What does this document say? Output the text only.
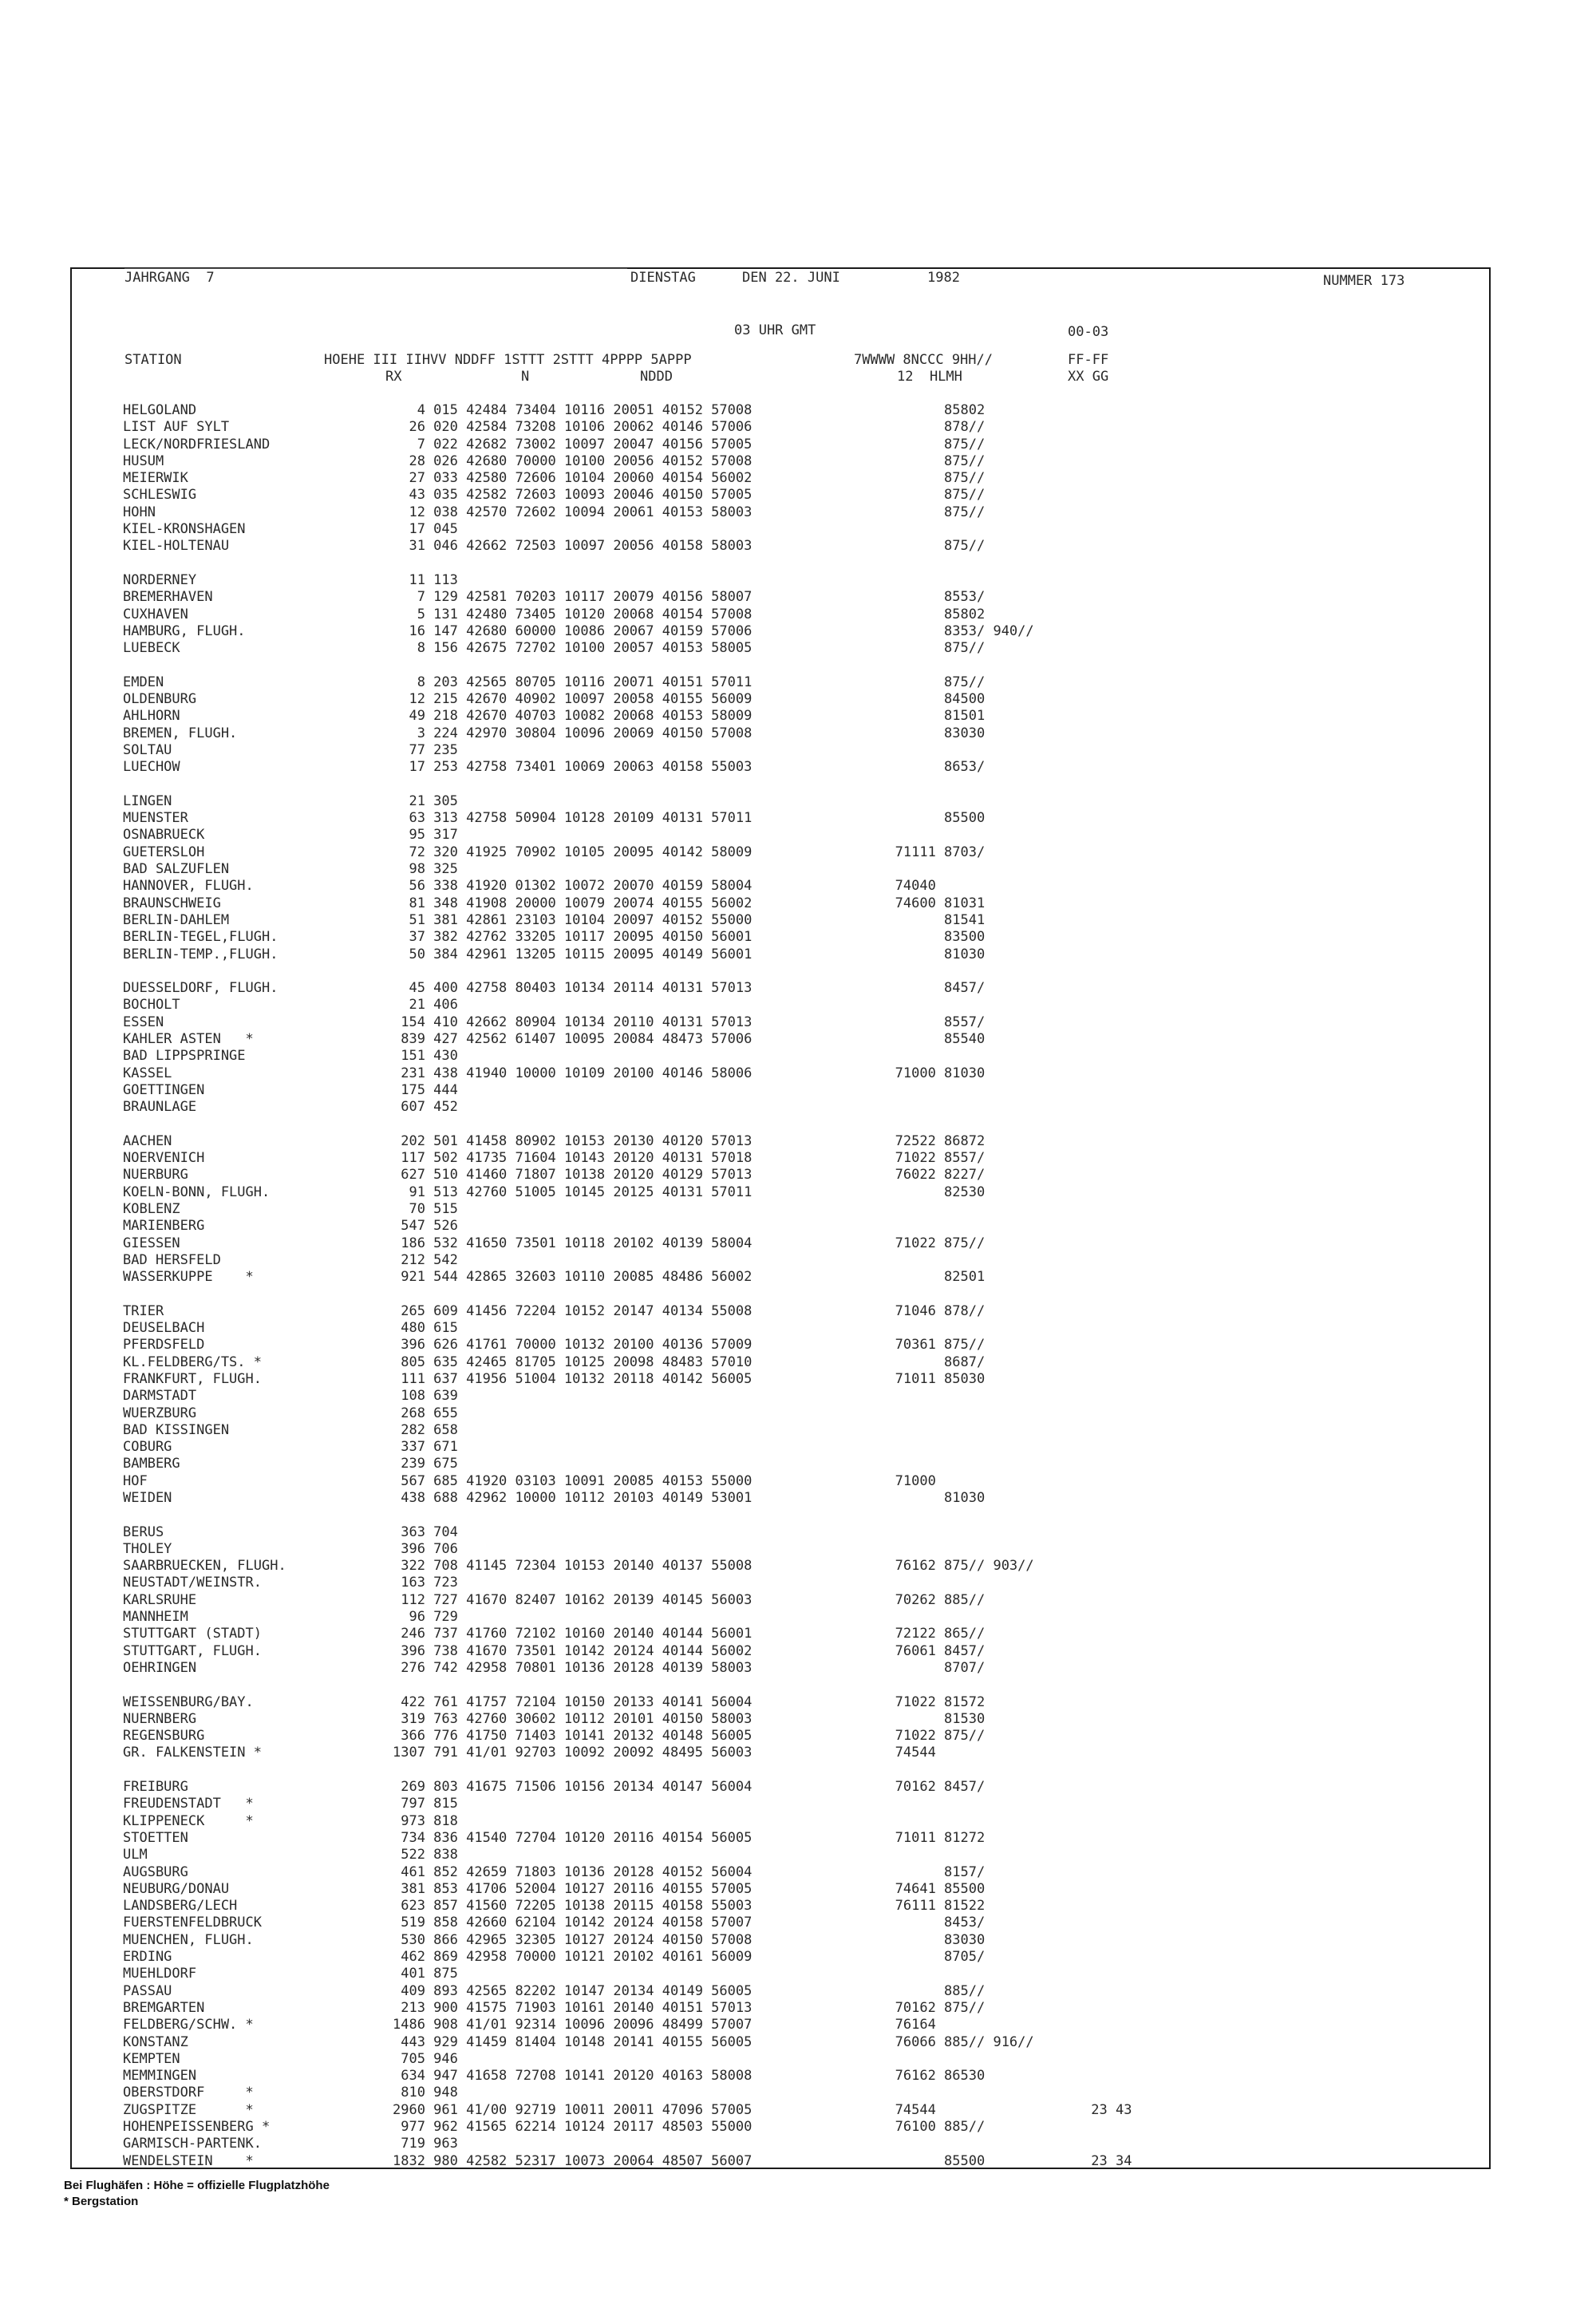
JAHRGANG  7	DIENSTAG	DEN 22. JUNI	1982	NUMMER 173
03 UHR GMT	00-03
STATION	HOEHE III IIHVV NDDFF 1STTT 2STTT 4PPPP 5APPP	7WWWW 8NCCC 9HH//	FF-FF
RX	N	NDDD	12  HLMH	XX GG
HELGOLAND	4 015 42484 73404 10116 20051 40152 57008	85802
LIST AUF SYLT	26 020 42584 73208 10106 20062 40146 57006	878//
LECK/NORDFRIESLAND	7 022 42682 73002 10097 20047 40156 57005	875//
HUSUM	28 026 42680 70000 10100 20056 40152 57008	875//
MEIERWIK	27 033 42580 72606 10104 20060 40154 56002	875//
SCHLESWIG	43 035 42582 72603 10093 20046 40150 57005	875//
HOHN	12 038 42570 72602 10094 20061 40153 58003	875//
KIEL-KRONSHAGEN	17 045
KIEL-HOLTENAU	31 046 42662 72503 10097 20056 40158 58003	875//
NORDERNEY	11 113
BREMERHAVEN	7 129 42581 70203 10117 20079 40156 58007	8553/
CUXHAVEN	5 131 42480 73405 10120 20068 40154 57008	85802
HAMBURG, FLUGH.	16 147 42680 60000 10086 20067 40159 57006	8353/ 940//
LUEBECK	8 156 42675 72702 10100 20057 40153 58005	875//
EMDEN	8 203 42565 80705 10116 20071 40151 57011	875//
OLDENBURG	12 215 42670 40902 10097 20058 40155 56009	84500
AHLHORN	49 218 42670 40703 10082 20068 40153 58009	81501
BREMEN, FLUGH.	3 224 42970 30804 10096 20069 40150 57008	83030
SOLTAU	77 235
LUECHOW	17 253 42758 73401 10069 20063 40158 55003	8653/
LINGEN	21 305
MUENSTER	63 313 42758 50904 10128 20109 40131 57011	85500
OSNABRUECK	95 317
GUETERSLOH	72 320 41925 70902 10105 20095 40142 58009	71111 8703/
BAD SALZUFLEN	98 325
HANNOVER, FLUGH.	56 338 41920 01302 10072 20070 40159 58004	74040
BRAUNSCHWEIG	81 348 41908 20000 10079 20074 40155 56002	74600 81031
BERLIN-DAHLEM	51 381 42861 23103 10104 20097 40152 55000	81541
BERLIN-TEGEL,FLUGH.	37 382 42762 33205 10117 20095 40150 56001	83500
BERLIN-TEMP.,FLUGH.	50 384 42961 13205 10115 20095 40149 56001	81030
DUESSELDORF, FLUGH.	45 400 42758 80403 10134 20114 40131 57013	8457/
BOCHOLT	21 406
ESSEN	154 410 42662 80904 10134 20110 40131 57013	8557/
KAHLER ASTEN   *	839 427 42562 61407 10095 20084 48473 57006	85540
BAD LIPPSPRINGE	151 430
KASSEL	231 438 41940 10000 10109 20100 40146 58006	71000 81030
GOETTINGEN	175 444
BRAUNLAGE	607 452
AACHEN	202 501 41458 80902 10153 20130 40120 57013	72522 86872
NOERVENICH	117 502 41735 71604 10143 20120 40131 57018	71022 8557/
NUERBURG	627 510 41460 71807 10138 20120 40129 57013	76022 8227/
KOELN-BONN, FLUGH.	91 513 42760 51005 10145 20125 40131 57011	82530
KOBLENZ	70 515
MARIENBERG	547 526
GIESSEN	186 532 41650 73501 10118 20102 40139 58004	71022 875//
BAD HERSFELD	212 542
WASSERKUPPE    *	921 544 42865 32603 10110 20085 48486 56002	82501
TRIER	265 609 41456 72204 10152 20147 40134 55008	71046 878//
DEUSELBACH	480 615
PFERDSFELD	396 626 41761 70000 10132 20100 40136 57009	70361 875//
KL.FELDBERG/TS. *	805 635 42465 81705 10125 20098 48483 57010	8687/
FRANKFURT, FLUGH.	111 637 41956 51004 10132 20118 40142 56005	71011 85030
DARMSTADT	108 639
WUERZBURG	268 655
BAD KISSINGEN	282 658
COBURG	337 671
BAMBERG	239 675
HOF	567 685 41920 03103 10091 20085 40153 55000	71000
WEIDEN	438 688 42962 10000 10112 20103 40149 53001	81030
BERUS	363 704
THOLEY	396 706
SAARBRUECKEN, FLUGH.	322 708 41145 72304 10153 20140 40137 55008	76162 875// 903//
NEUSTADT/WEINSTR.	163 723
KARLSRUHE	112 727 41670 82407 10162 20139 40145 56003	70262 885//
MANNHEIM	96 729
STUTTGART (STADT)	246 737 41760 72102 10160 20140 40144 56001	72122 865//
STUTTGART, FLUGH.	396 738 41670 73501 10142 20124 40144 56002	76061 8457/
OEHRINGEN	276 742 42958 70801 10136 20128 40139 58003	8707/
WEISSENBURG/BAY.	422 761 41757 72104 10150 20133 40141 56004	71022 81572
NUERNBERG	319 763 42760 30602 10112 20101 40150 58003	81530
REGENSBURG	366 776 41750 71403 10141 20132 40148 56005	71022 875//
GR. FALKENSTEIN *	1307 791 41/01 92703 10092 20092 48495 56003	74544
FREIBURG	269 803 41675 71506 10156 20134 40147 56004	70162 8457/
FREUDENSTADT   *	797 815
KLIPPENECK     *	973 818
STOETTEN	734 836 41540 72704 10120 20116 40154 56005	71011 81272
ULM	522 838
AUGSBURG	461 852 42659 71803 10136 20128 40152 56004	8157/
NEUBURG/DONAU	381 853 41706 52004 10127 20116 40155 57005	74641 85500
LANDSBERG/LECH	623 857 41560 72205 10138 20115 40158 55003	76111 81522
FUERSTENFELDBRUCK	519 858 42660 62104 10142 20124 40158 57007	8453/
MUENCHEN, FLUGH.	530 866 42965 32305 10127 20124 40150 57008	83030
ERDING	462 869 42958 70000 10121 20102 40161 56009	8705/
MUEHLDORF	401 875
PASSAU	409 893 42565 82202 10147 20134 40149 56005	885//
BREMGARTEN	213 900 41575 71903 10161 20140 40151 57013	70162 875//
FELDBERG/SCHW. *	1486 908 41/01 92314 10096 20096 48499 57007	76164
KONSTANZ	443 929 41459 81404 10148 20141 40155 56005	76066 885// 916//
KEMPTEN	705 946
MEMMINGEN	634 947 41658 72708 10141 20120 40163 58008	76162 86530
OBERSTDORF     *	810 948
ZUGSPITZE      *	2960 961 41/00 92719 10011 20011 47096 57005	74544                   23 43
HOHENPEISSENBERG *	977 962 41565 62214 10124 20117 48503 55000	76100 885//
GARMISCH-PARTENK.	719 963
WENDELSTEIN    *	1832 980 42582 52317 10073 20064 48507 56007	85500             23 34
Bei Flughäfen : Höhe = offizielle Flugplatzhöhe
* Bergstation
